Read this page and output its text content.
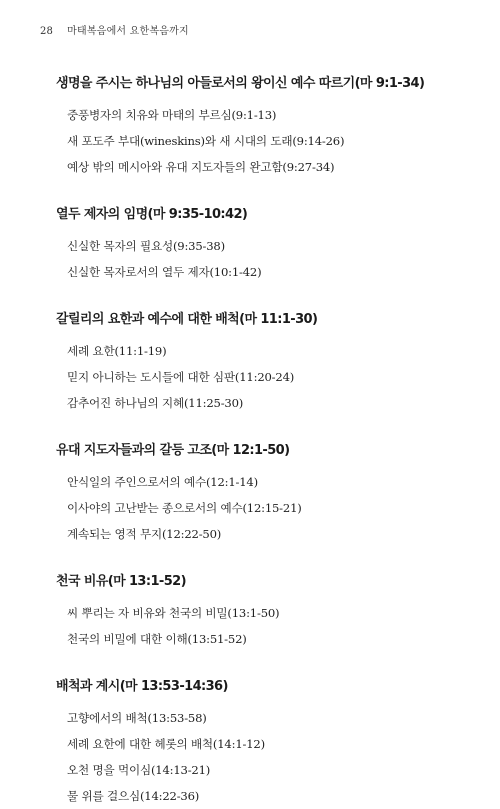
28 마태복음에서 요한복음까지
생명을 주시는 하나님의 아들로서의 왕이신 예수 따르기(마 9:1-34)
중풍병자의 치유와 마태의 부르심(9:1-13)
새 포도주 부대(wineskins)와 새 시대의 도래(9:14-26)
예상 밖의 메시아와 유대 지도자들의 완고함(9:27-34)
열두 제자의 임명(마 9:35-10:42)
신실한 목자의 필요성(9:35-38)
신실한 목자로서의 열두 제자(10:1-42)
갈릴리의 요한과 예수에 대한 배척(마 11:1-30)
세례 요한(11:1-19)
믿지 아니하는 도시들에 대한 심판(11:20-24)
감추어진 하나님의 지혜(11:25-30)
유대 지도자들과의 갈등 고조(마 12:1-50)
안식일의 주인으로서의 예수(12:1-14)
이사야의 고난받는 종으로서의 예수(12:15-21)
계속되는 영적 무지(12:22-50)
천국 비유(마 13:1-52)
씨 뿌리는 자 비유와 천국의 비밀(13:1-50)
천국의 비밀에 대한 이해(13:51-52)
배척과 계시(마 13:53-14:36)
고향에서의 배척(13:53-58)
세례 요한에 대한 헤롯의 배척(14:1-12)
오천 명을 먹이심(14:13-21)
물 위를 걸으심(14:22-36)
